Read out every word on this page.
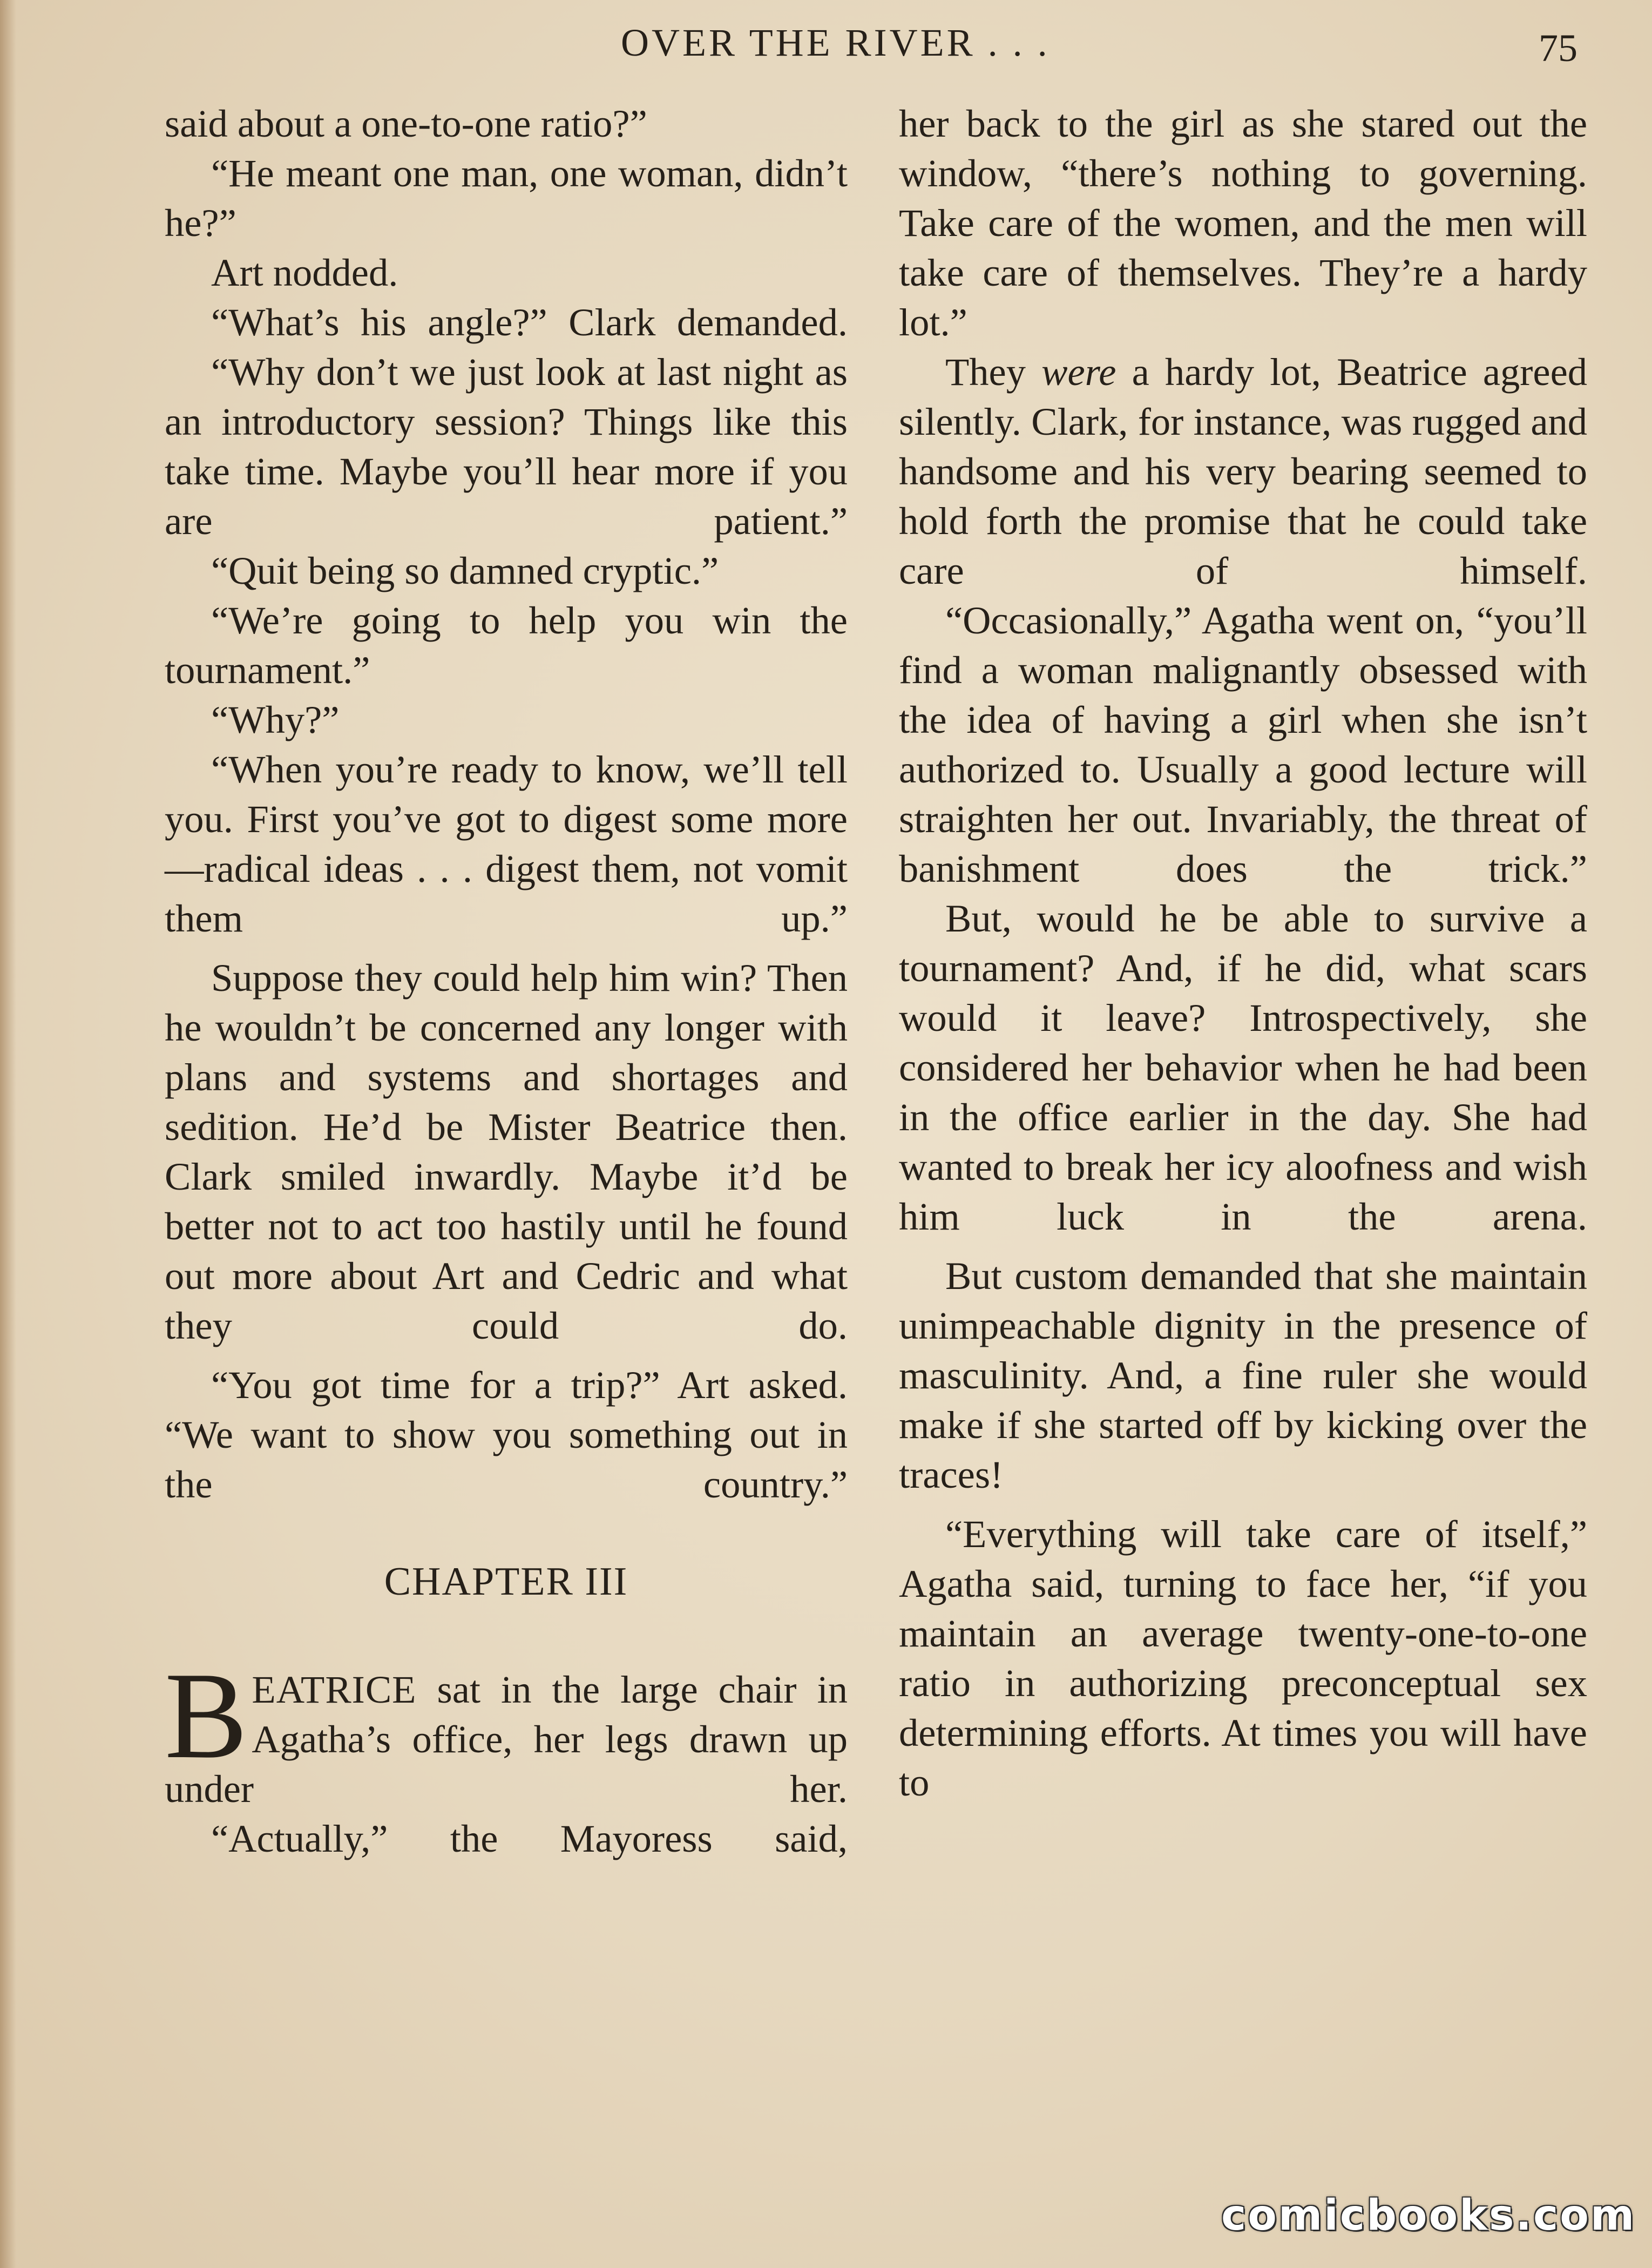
OVER THE RIVER . . .	75

said about a one-to-one ratio?”

“He meant one man, one woman, didn’t he?”

Art nodded.

“What’s his angle?” Clark demanded.

“Why don’t we just look at last night as an introductory session? Things like this take time. Maybe you’ll hear more if you are patient.”

“Quit being so damned cryptic.”

“We’re going to help you win the tournament.”

“Why?”

“When you’re ready to know, we’ll tell you. First you’ve got to digest some more—radical ideas . . . digest them, not vomit them up.”

Suppose they could help him win? Then he wouldn’t be concerned any longer with plans and systems and shortages and sedition. He’d be Mister Beatrice then. Clark smiled inwardly. Maybe it’d be better not to act too hastily until he found out more about Art and Cedric and what they could do.

“You got time for a trip?” Art asked. “We want to show you something out in the country.”

CHAPTER III

BEATRICE sat in the large chair in Agatha’s office, her legs drawn up under her.

“Actually,” the Mayoress said,

her back to the girl as she stared out the window, “there’s nothing to governing. Take care of the women, and the men will take care of themselves. They’re a hardy lot.”

They were a hardy lot, Beatrice agreed silently. Clark, for instance, was rugged and handsome and his very bearing seemed to hold forth the promise that he could take care of himself.

“Occasionally,” Agatha went on, “you’ll find a woman malignantly obsessed with the idea of having a girl when she isn’t authorized to. Usually a good lecture will straighten her out. Invariably, the threat of banishment does the trick.”

But, would he be able to survive a tournament? And, if he did, what scars would it leave? Introspectively, she considered her behavior when he had been in the office earlier in the day. She had wanted to break her icy aloofness and wish him luck in the arena.

But custom demanded that she maintain unimpeachable dignity in the presence of masculinity. And, a fine ruler she would make if she started off by kicking over the traces!

“Everything will take care of itself,” Agatha said, turning to face her, “if you maintain an average twenty-one-to-one ratio in authorizing preconceptual sex determining efforts. At times you will have to

comicbooks.com
